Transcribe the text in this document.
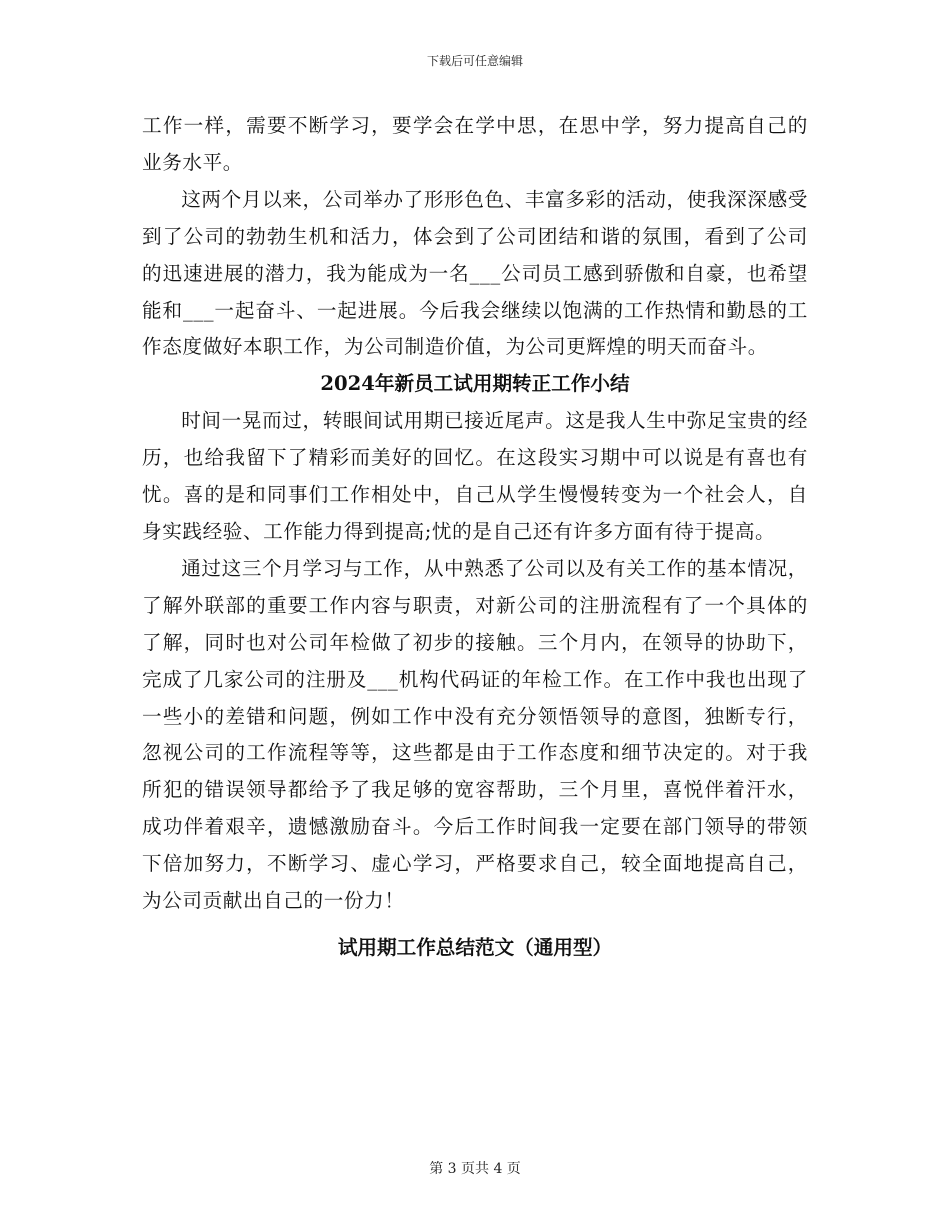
下载后可任意编辑

工作一样，需要不断学习，要学会在学中思，在思中学，努力提高自己的业务水平。

这两个月以来，公司举办了形形色色、丰富多彩的活动，使我深深感受到了公司的勃勃生机和活力，体会到了公司团结和谐的氛围，看到了公司的迅速进展的潜力，我为能成为一名___公司员工感到骄傲和自豪，也希望能和___一起奋斗、一起进展。今后我会继续以饱满的工作热情和勤恳的工作态度做好本职工作，为公司制造价值，为公司更辉煌的明天而奋斗。

2024年新员工试用期转正工作小结

时间一晃而过，转眼间试用期已接近尾声。这是我人生中弥足宝贵的经历，也给我留下了精彩而美好的回忆。在这段实习期中可以说是有喜也有忧。喜的是和同事们工作相处中，自己从学生慢慢转变为一个社会人，自身实践经验、工作能力得到提高;忧的是自己还有许多方面有待于提高。

通过这三个月学习与工作，从中熟悉了公司以及有关工作的基本情况，了解外联部的重要工作内容与职责，对新公司的注册流程有了一个具体的了解，同时也对公司年检做了初步的接触。三个月内，在领导的协助下，完成了几家公司的注册及___机构代码证的年检工作。在工作中我也出现了一些小的差错和问题，例如工作中没有充分领悟领导的意图，独断专行，忽视公司的工作流程等等，这些都是由于工作态度和细节决定的。对于我所犯的错误领导都给予了我足够的宽容帮助，三个月里，喜悦伴着汗水，成功伴着艰辛，遗憾激励奋斗。今后工作时间我一定要在部门领导的带领下倍加努力，不断学习、虚心学习，严格要求自己，较全面地提高自己，为公司贡献出自己的一份力！

试用期工作总结范文（通用型）
第 3 页共 4 页
